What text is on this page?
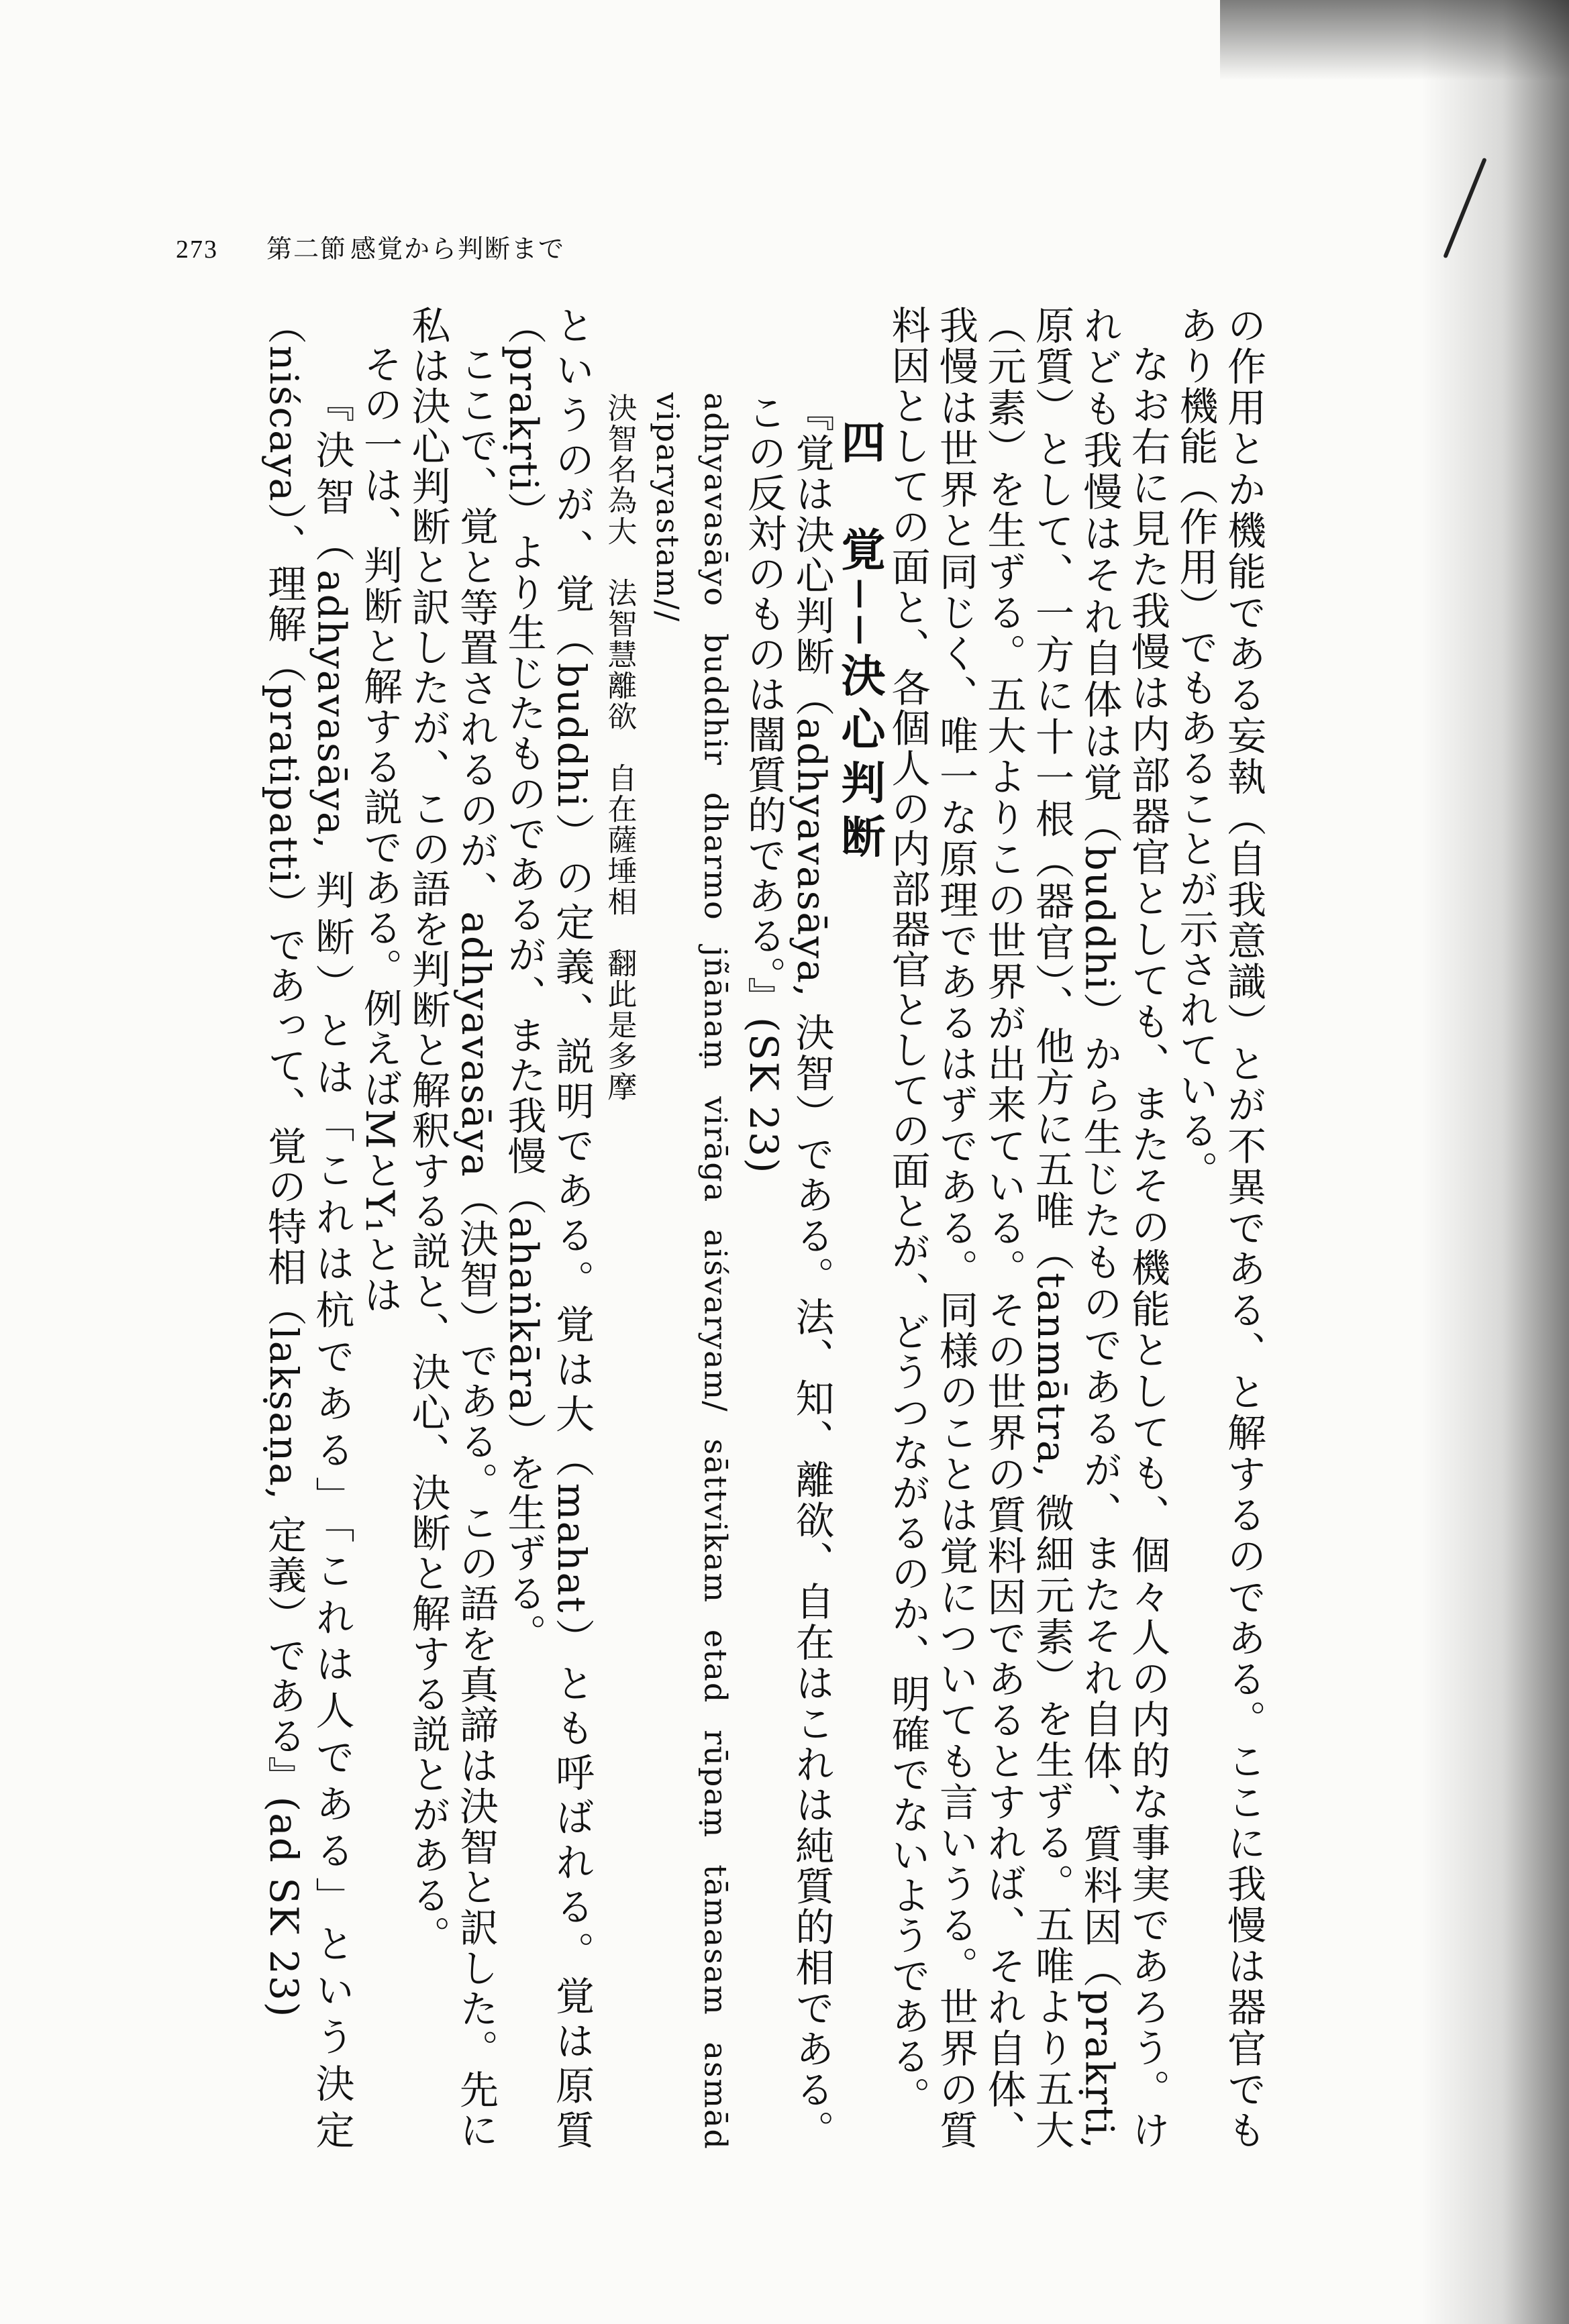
273 第二節 感覚から判断まで

の作用とか機能である妄執（自我意識）とが不異である、と解するのである。ここに我慢は器官でもあり機能（作用）でもあることが示されている。

なお右に見た我慢は内部器官としても、またその機能としても、個々人の内的な事実であろう。けれども我慢はそれ自体は覚（buddhi）から生じたものであるが、またそれ自体、質料因（prakṛti, 原質）として、一方に十一根（器官）、他方に五唯（tanmātra, 微細元素）を生ずる。五唯より五大（元素）を生ずる。五大よりこの世界が出来ている。その世界の質料因であるとすれば、それ自体、我慢は世界と同じく、唯一な原理であるはずである。同様のことは覚についても言いうる。世界の質料因としての面と、各個人の内部器官としての面とが、どうつながるのか、明確でないようである。

四　覚──決心判断

『覚は決心判断（adhyavasāya, 決智）である。法、知、離欲、自在はこれは純質的相である。この反対のものは闇質的である。』(SK 23)

adhyavasāyo buddhir dharmo jñānaṃ virāga aiśvaryam/ sāttvikam etad rūpaṃ tāmasam asmād viparyastam//

決智名為大　法智慧離欲　自在薩埵相　翻此是多摩

というのが、覚（buddhi）の定義、説明である。覚は大（mahat）とも呼ばれる。覚は原質（prakṛti）より生じたものであるが、また我慢（ahaṅkāra）を生ずる。

ここで、覚と等置されるのが、adhyavasāya（決智）である。この語を真諦は決智と訳した。先に私は決心判断と訳したが、この語を判断と解釈する説と、決心、決断と解する説とがある。

その一は、判断と解する説である。例えばMとY₁とは

『決智（adhyavasāya, 判断）とは「これは杭である」「これは人である」という決定（niścaya）、理解（pratipatti）であって、覚の特相（lakṣaṇa, 定義）である』(ad SK 23)
